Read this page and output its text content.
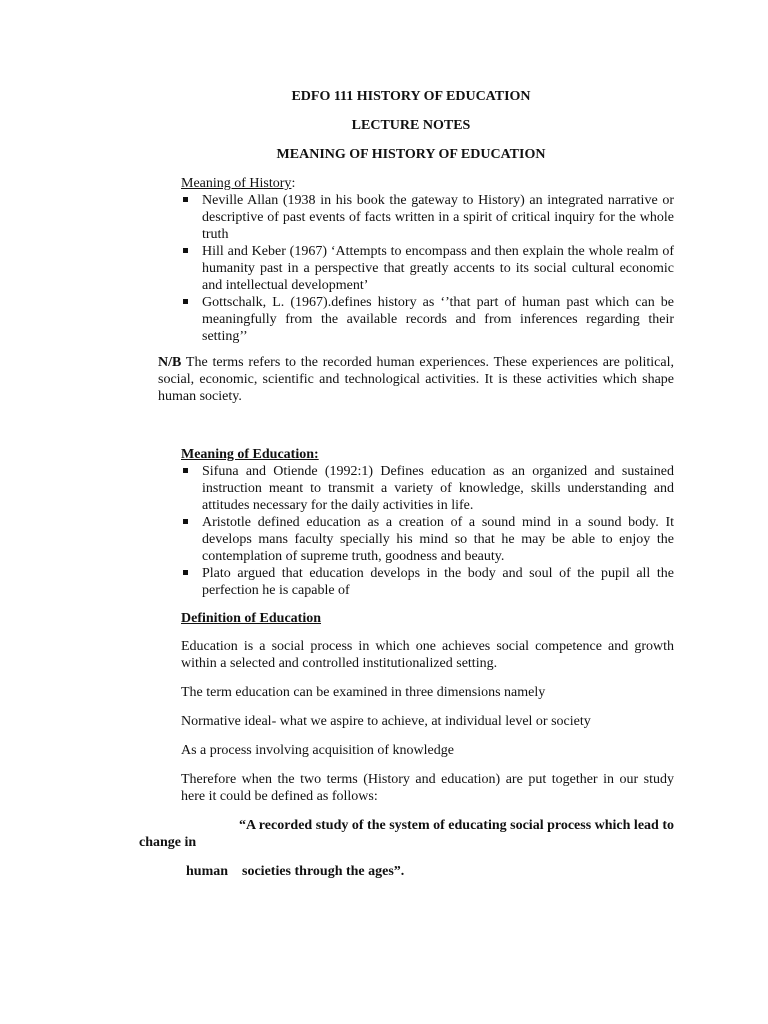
EDFO 111 HISTORY OF EDUCATION

LECTURE NOTES

MEANING OF HISTORY OF EDUCATION

Meaning of History:
Neville Allan (1938 in his book the gateway to History) an integrated narrative or descriptive of past events of facts written in a spirit of critical inquiry for the whole truth
Hill and Keber (1967) ‘Attempts to encompass and then explain the whole realm of humanity past in a perspective that greatly accents to its social cultural economic and intellectual development’
Gottschalk, L. (1967).defines history as ‘’that part of human past which can be meaningfully from the available records and from inferences regarding their setting’’

N/B The terms refers to the recorded human experiences. These experiences are political, social, economic, scientific and technological activities. It is these activities which shape human society.

Meaning of Education:
Sifuna and Otiende (1992:1) Defines education as an organized and sustained instruction meant to transmit a variety of knowledge, skills understanding and attitudes necessary for the daily activities in life.
Aristotle defined education as a creation of a sound mind in a sound body. It develops mans faculty specially his mind so that he may be able to enjoy the contemplation of supreme truth, goodness and beauty.
Plato argued that education develops in the body and soul of the pupil all the perfection he is capable of

Definition of Education

Education is a social process in which one achieves social competence and growth within a selected and controlled institutionalized setting.

The term education can be examined in three dimensions namely

Normative ideal- what we aspire to achieve, at individual level or society

As a process involving acquisition of knowledge

Therefore when the two terms (History and education) are put together in our study here it could be defined as follows:

“A recorded study of the system of educating social process which lead to

change in

human    societies through the ages”.
